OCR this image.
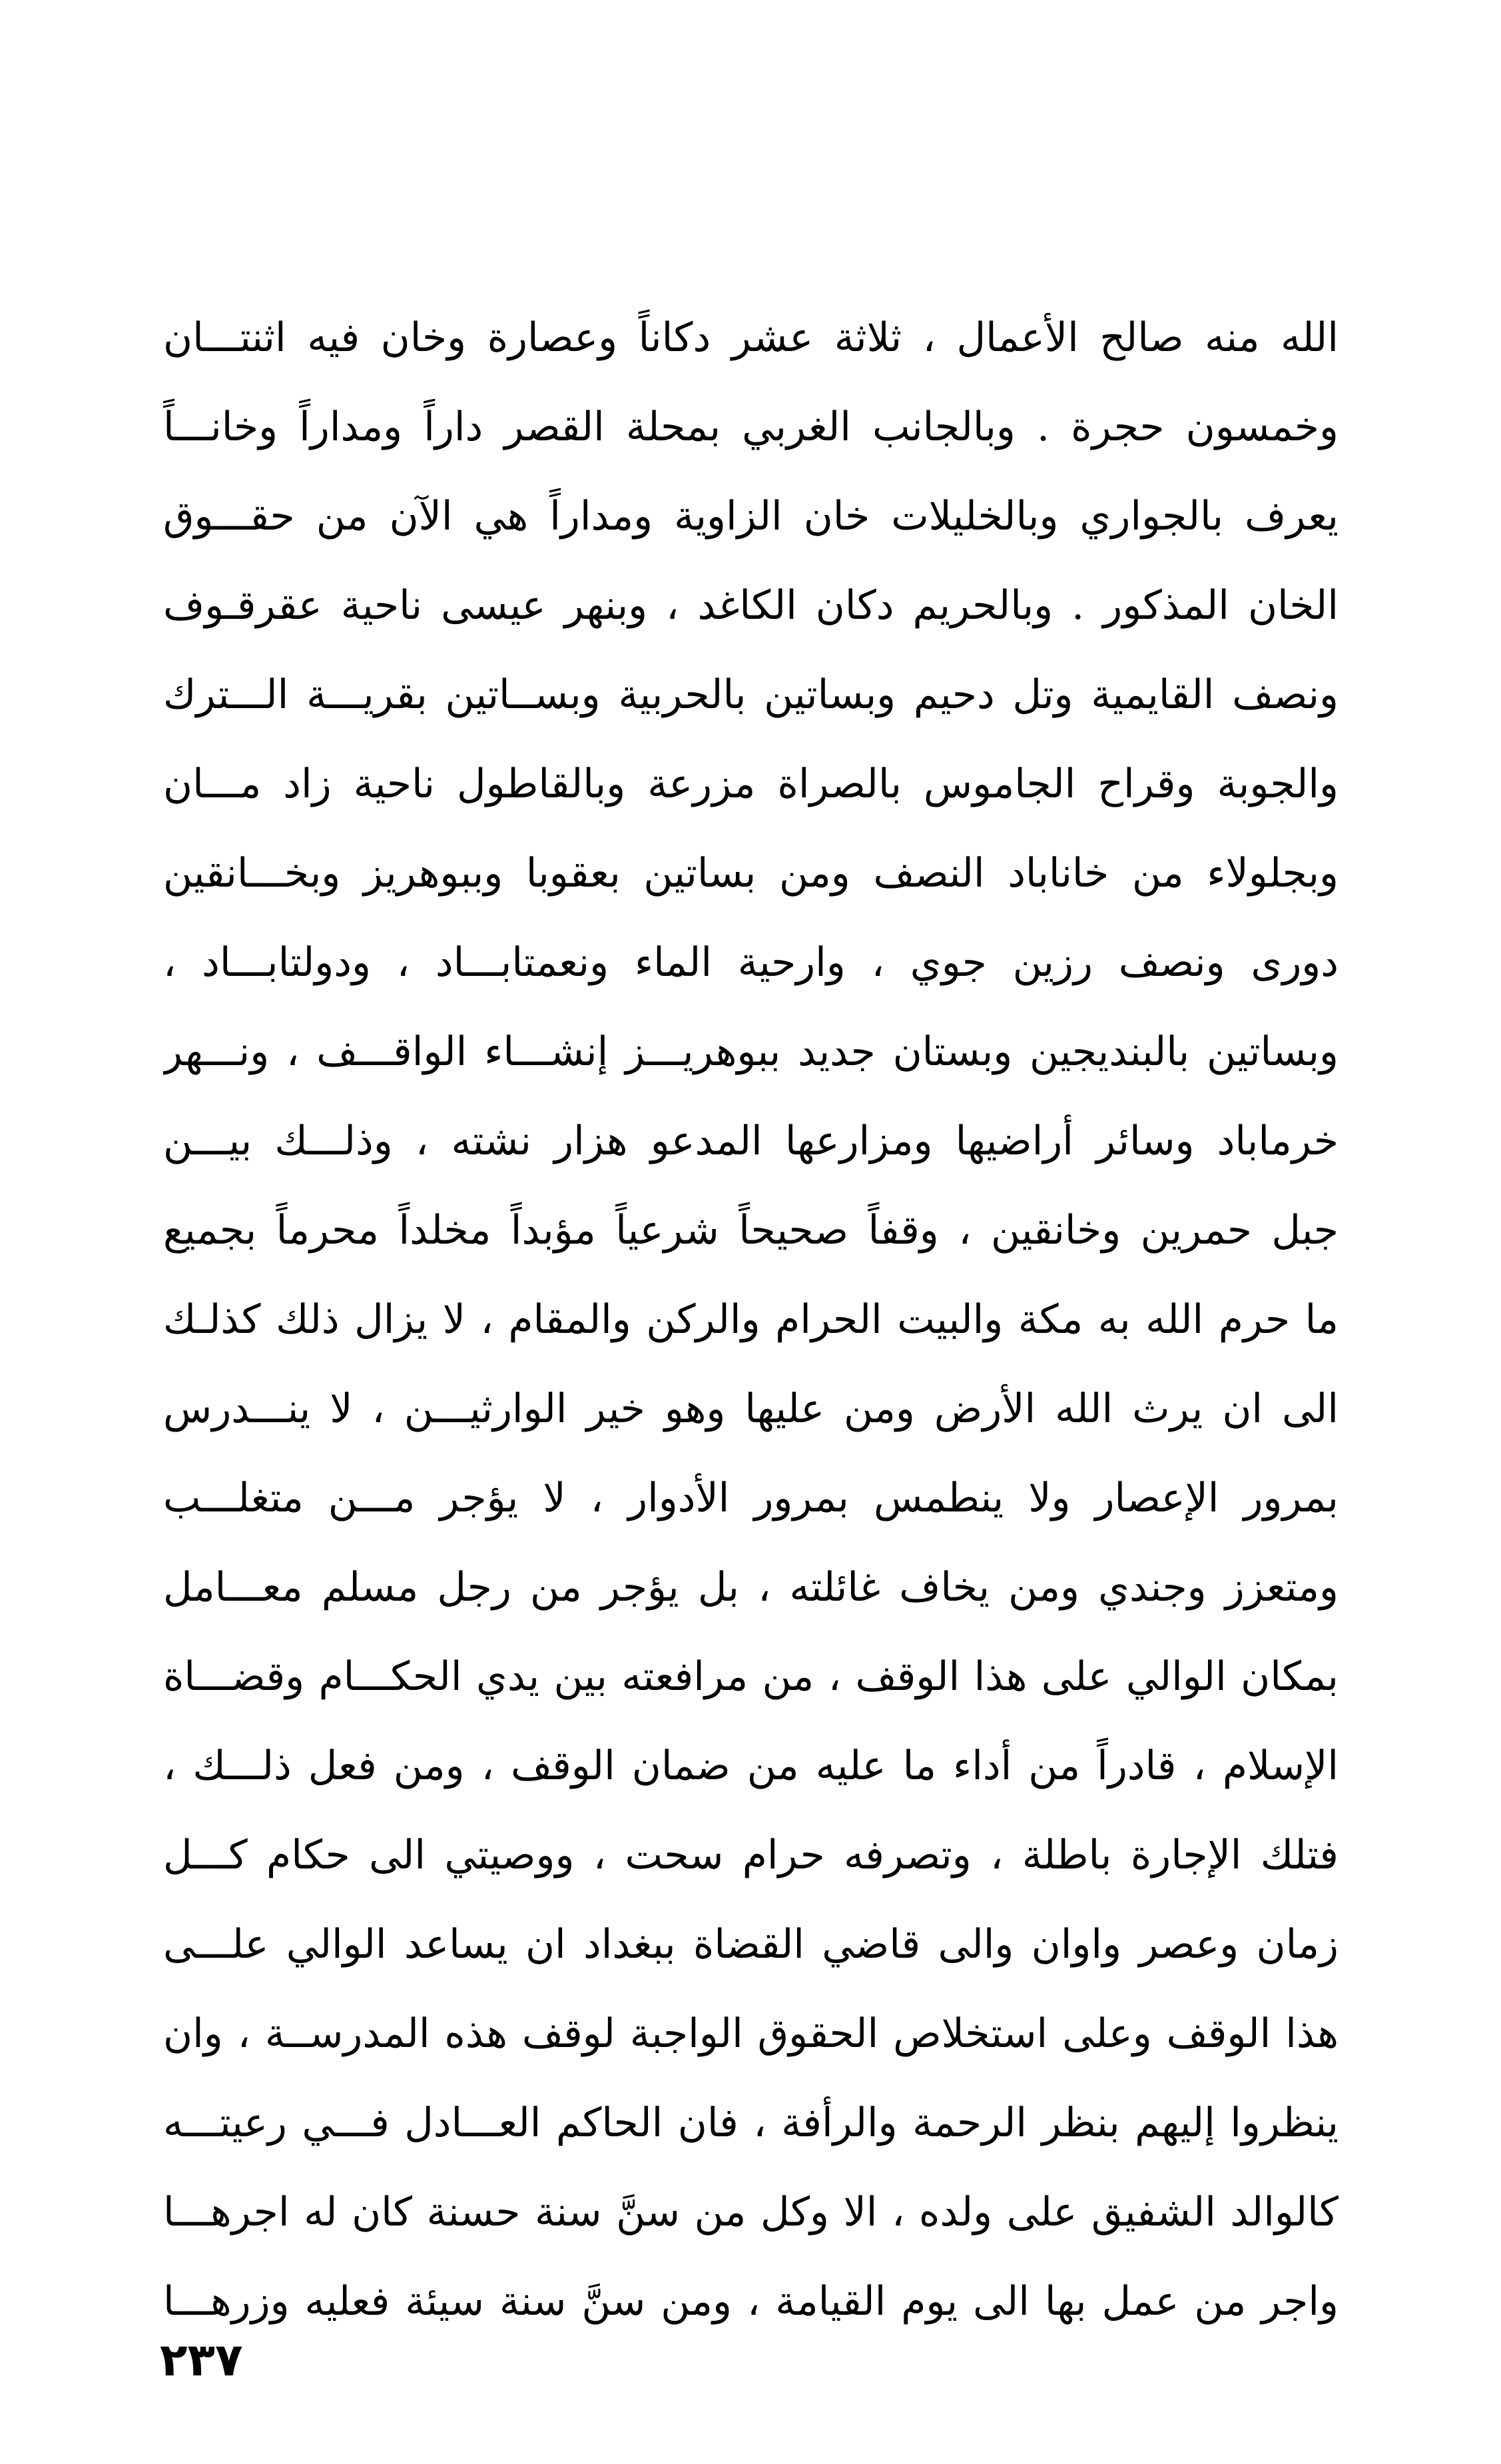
الله منه صالح الأعمال ، ثلاثة عشر دكاناً وعصارة وخان فيه اثنتـــان
وخمسون حجرة . وبالجانب الغربي بمحلة القصر داراً ومداراً وخانـــاً
يعرف بالجواري وبالخليلات خان الزاوية ومداراً هي الآن من حقـــوق
الخان المذكور . وبالحريم دكان الكاغد ، وبنهر عيسى ناحية عقرقـوف
ونصف القايمية وتل دحيم وبساتين بالحربية وبســاتين بقريـــة الـــترك
والجوبة وقراح الجاموس بالصراة مزرعة وبالقاطول ناحية زاد مـــان
وبجلولاء من خاناباد النصف ومن بساتين بعقوبا وببوهريز وبخـــانقين
دورى ونصف رزين جوي ، وارحية الماء ونعمتابـــاد ، ودولتابـــاد ،
وبساتين بالبنديجين وبستان جديد ببوهريـــز إنشـــاء الواقـــف ، ونـــهر
خرماباد وسائر أراضيها ومزارعها المدعو هزار نشته ، وذلـــك بيـــن
جبل حمرين وخانقين ، وقفاً صحيحاً شرعياً مؤبداً مخلداً محرماً بجميع
ما حرم الله به مكة والبيت الحرام والركن والمقام ، لا يزال ذلك كذلـك
الى ان يرث الله الأرض ومن عليها وهو خير الوارثيـــن ، لا ينـــدرس
بمرور الإعصار ولا ينطمس بمرور الأدوار ، لا يؤجر مـــن متغلـــب
ومتعزز وجندي ومن يخاف غائلته ، بل يؤجر من رجل مسلم معـــامل
بمكان الوالي على هذا الوقف ، من مرافعته بين يدي الحكـــام وقضـــاة
الإسلام ، قادراً من أداء ما عليه من ضمان الوقف ، ومن فعل ذلـــك ،
فتلك الإجارة باطلة ، وتصرفه حرام سحت ، ووصيتي الى حكام كـــل
زمان وعصر واوان والى قاضي القضاة ببغداد ان يساعد الوالي علـــى
هذا الوقف وعلى استخلاص الحقوق الواجبة لوقف هذه المدرســة ، وان
ينظروا إليهم بنظر الرحمة والرأفة ، فان الحاكم العـــادل فـــي رعيتـــه
كالوالد الشفيق على ولده ، الا وكل من سنَّ سنة حسنة كان له اجرهـــا
واجر من عمل بها الى يوم القيامة ، ومن سنَّ سنة سيئة فعليه وزرهـــا
٢٣٧
